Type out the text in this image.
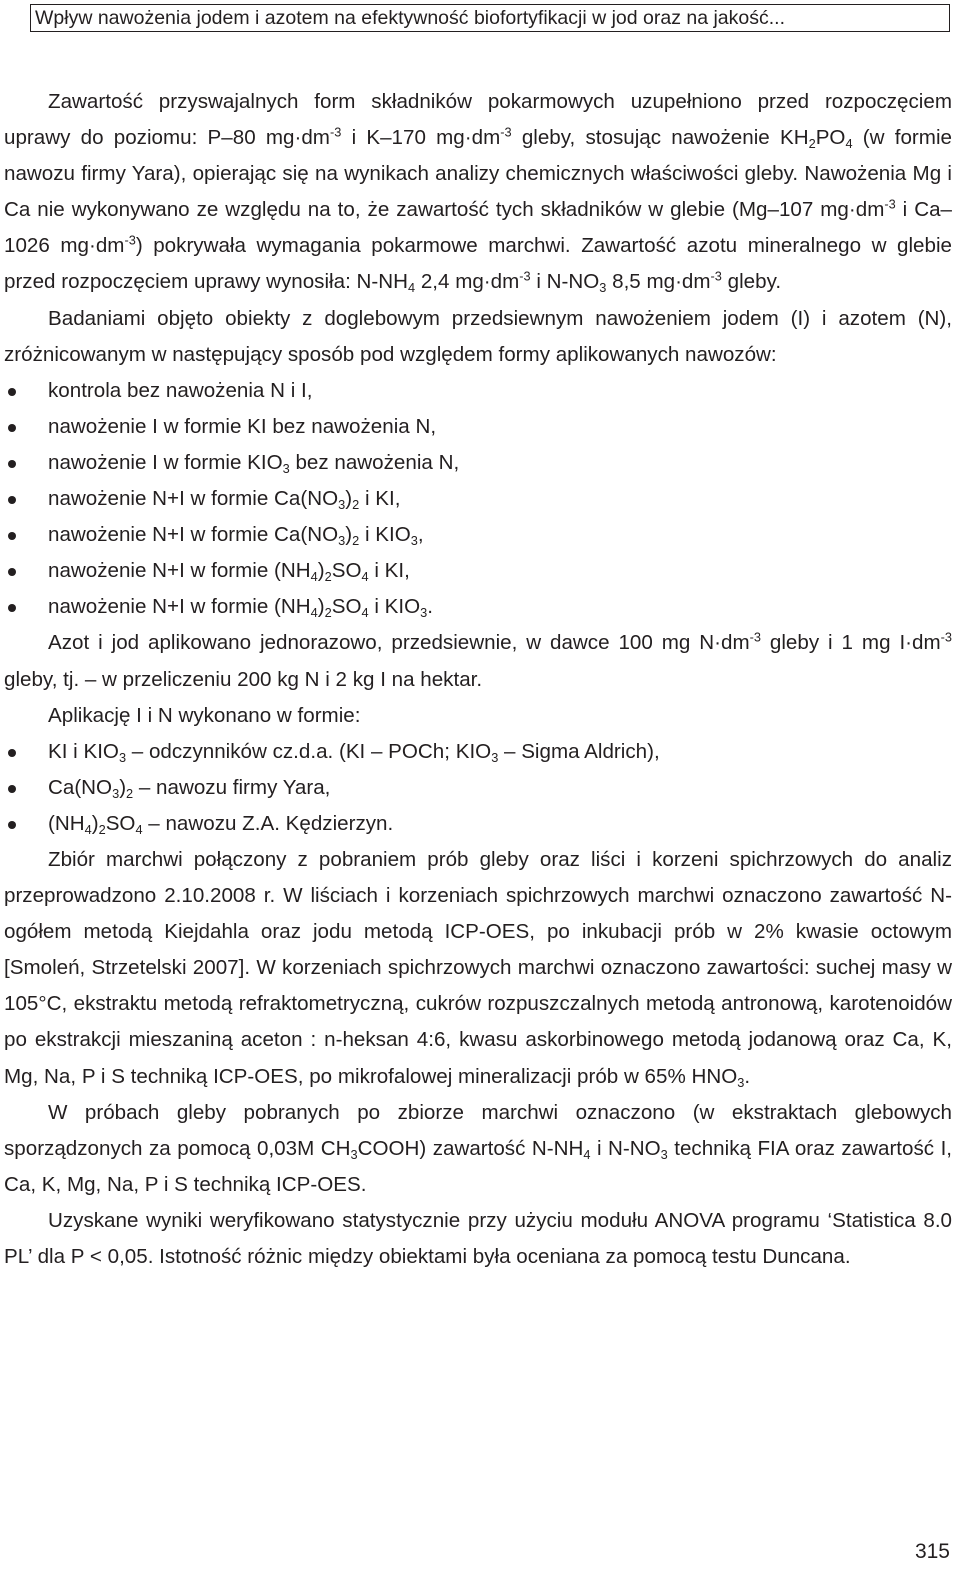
Wpływ nawożenia jodem i azotem na efektywność biofortyfikacji w jod oraz na jakość...

Zawartość przyswajalnych form składników pokarmowych uzupełniono przed rozpoczęciem uprawy do poziomu: P–80 $mg\cdot dm^{-3}$ i K–170 $mg\cdot dm^{-3}$ gleby, stosując nawożenie $KH_2PO_4$ (w formie nawozu firmy Yara), opierając się na wynikach analizy chemicznych właściwości gleby. Nawożenia Mg i Ca nie wykonywano ze względu na to, że zawartość tych składników w glebie (Mg–107 $mg\cdot dm^{-3}$ i Ca–1026 $mg\cdot dm^{-3}$) pokrywała wymagania pokarmowe marchwi. Zawartość azotu mineralnego w glebie przed rozpoczęciem uprawy wynosiła: $N-NH_4$ 2,4 $mg\cdot dm^{-3}$ i $N-NO_3$ 8,5 $mg\cdot dm^{-3}$ gleby.

Badaniami objęto obiekty z doglebowym przedsiewnym nawożeniem jodem (I) i azotem (N), zróżnicowanym w następujący sposób pod względem formy aplikowanych nawozów:

kontrola bez nawożenia N i I,
nawożenie I w formie KI bez nawożenia N,
nawożenie I w formie $KIO_3$ bez nawożenia N,
nawożenie N+I w formie $Ca(NO_3)_2$ i KI,
nawożenie N+I w formie $Ca(NO_3)_2$ i $KIO_3$,
nawożenie N+I w formie $(NH_4)_2SO_4$ i KI,
nawożenie N+I w formie $(NH_4)_2SO_4$ i $KIO_3$.

Azot i jod aplikowano jednorazowo, przedsiewnie, w dawce 100 mg $N\cdot dm^{-3}$ gleby i 1 mg $I\cdot dm^{-3}$ gleby, tj. – w przeliczeniu 200 kg N i 2 kg I na hektar.

Aplikację I i N wykonano w formie:

KI i $KIO_3$ – odczynników cz.d.a. (KI – POCh; $KIO_3$ – Sigma Aldrich),
$Ca(NO_3)_2$ – nawozu firmy Yara,
$(NH_4)_2SO_4$ – nawozu Z.A. Kędzierzyn.

Zbiór marchwi połączony z pobraniem prób gleby oraz liści i korzeni spichrzowych do analiz przeprowadzono 2.10.2008 r. W liściach i korzeniach spichrzowych marchwi oznaczono zawartość N-ogółem metodą Kiejdahla oraz jodu metodą ICP-OES, po inkubacji prób w 2% kwasie octowym [Smoleń, Strzetelski 2007]. W korzeniach spichrzowych marchwi oznaczono zawartości: suchej masy w 105°C, ekstraktu metodą refraktometryczną, cukrów rozpuszczalnych metodą antronową, karotenoidów po ekstrakcji mieszaniną aceton : n-heksan 4:6, kwasu askorbinowego metodą jodanową oraz Ca, K, Mg, Na, P i S techniką ICP-OES, po mikrofalowej mineralizacji prób w 65% $HNO_3$.

W próbach gleby pobranych po zbiorze marchwi oznaczono (w ekstraktach glebowych sporządzonych za pomocą 0,03M $CH_3COOH$) zawartość $N-NH_4$ i $N-NO_3$ techniką FIA oraz zawartość I, Ca, K, Mg, Na, P i S techniką ICP-OES.

Uzyskane wyniki weryfikowano statystycznie przy użyciu modułu ANOVA programu ‘Statistica 8.0 PL’ dla P < 0,05. Istotność różnic między obiektami była oceniana za pomocą testu Duncana.

315
